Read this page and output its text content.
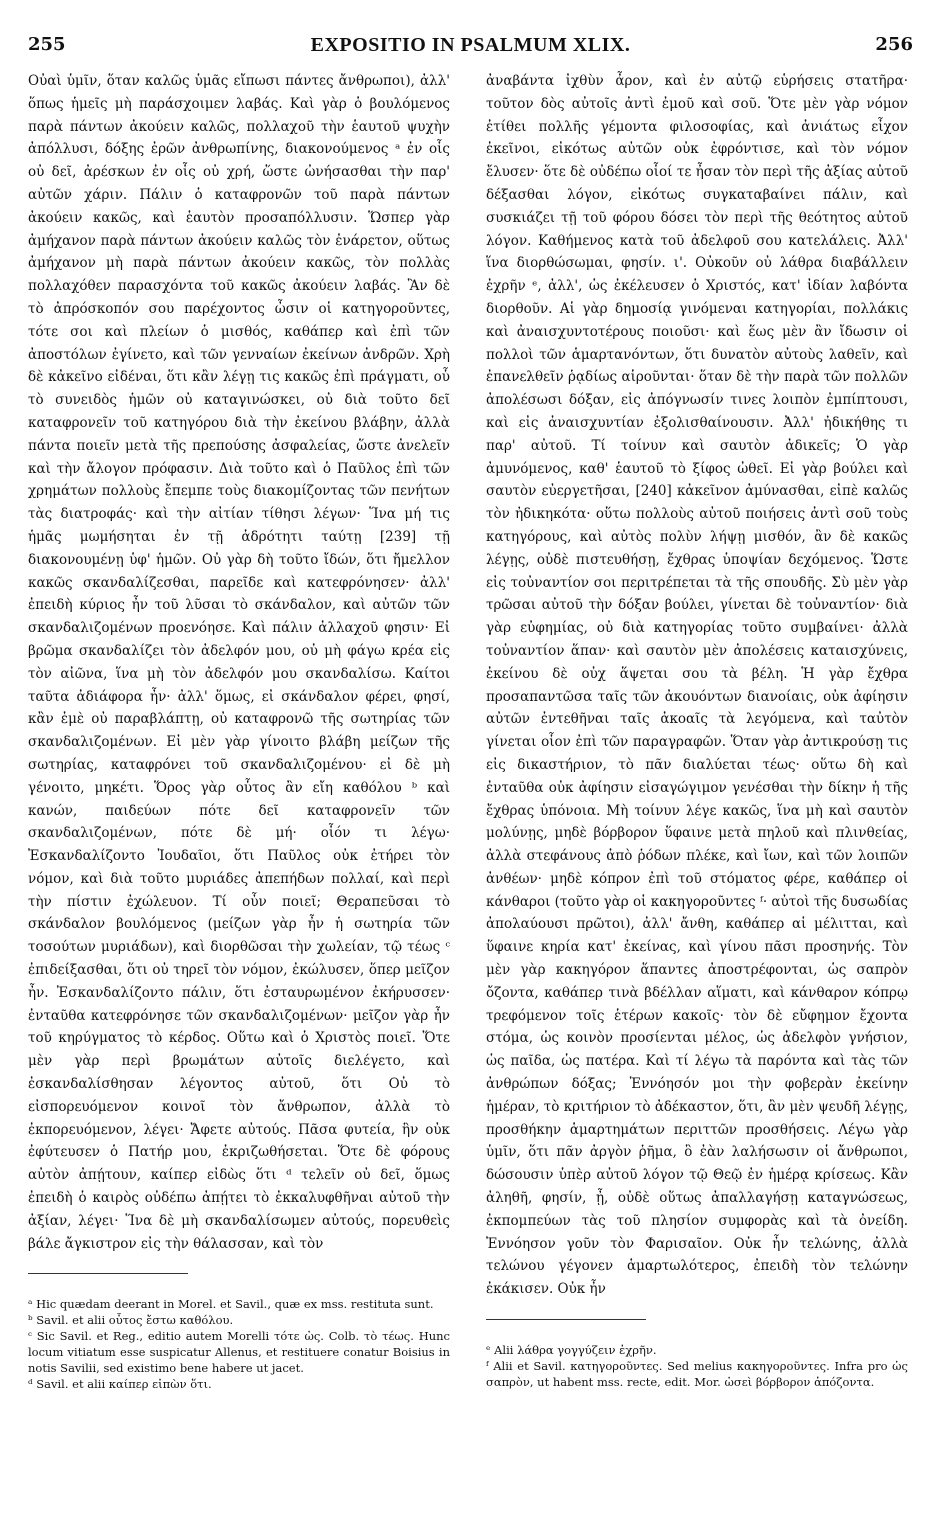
255	EXPOSITIO IN PSALMUM XLIX.	256

Οὐαὶ ὑμῖν, ὅταν καλῶς ὑμᾶς εἴπωσι πάντες ἄνθρωποι), ἀλλ' ὅπως ἡμεῖς μὴ παράσχοιμεν λαβάς. Καὶ γὰρ ὁ βουλόμενος παρὰ πάντων ἀκούειν καλῶς, πολλαχοῦ τὴν ἑαυτοῦ ψυχὴν ἀπόλλυσι, δόξης ἐρῶν ἀνθρωπίνης, διακονούμενος ᵃ ἐν οἷς οὐ δεῖ, ἀρέσκων ἐν οἷς οὐ χρή, ὥστε ὠνήσασθαι τὴν παρ' αὐτῶν χάριν. Πάλιν ὁ καταφρονῶν τοῦ παρὰ πάντων ἀκούειν κακῶς, καὶ ἑαυτὸν προσαπόλλυσιν. Ὥσπερ γὰρ ἀμήχανον παρὰ πάντων ἀκούειν καλῶς τὸν ἐνάρετον, οὕτως ἀμήχανον μὴ παρὰ πάντων ἀκούειν κακῶς, τὸν πολλὰς πολλαχόθεν παρασχόντα τοῦ κακῶς ἀκούειν λαβάς. Ἂν δὲ τὸ ἀπρόσκοπόν σου παρέχοντος ὦσιν οἱ κατηγοροῦντες, τότε σοι καὶ πλείων ὁ μισθός, καθάπερ καὶ ἐπὶ τῶν ἀποστόλων ἐγίνετο, καὶ τῶν γενναίων ἐκείνων ἀνδρῶν. Χρὴ δὲ κἀκεῖνο εἰδέναι, ὅτι κἂν λέγῃ τις κακῶς ἐπὶ πράγματι, οὗ τὸ συνειδὸς ἡμῶν οὐ καταγινώσκει, οὐ διὰ τοῦτο δεῖ καταφρονεῖν τοῦ κατηγόρου διὰ τὴν ἐκείνου βλάβην, ἀλλὰ πάντα ποιεῖν μετὰ τῆς πρεπούσης ἀσφαλείας, ὥστε ἀνελεῖν καὶ τὴν ἄλογον πρόφασιν. Διὰ τοῦτο καὶ ὁ Παῦλος ἐπὶ τῶν χρημάτων πολλοὺς ἔπεμπε τοὺς διακομίζοντας τῶν πενήτων τὰς διατροφάς· καὶ τὴν αἰτίαν τίθησι λέγων· Ἵνα μή τις ἡμᾶς μωμήσηται ἐν τῇ ἁδρότητι ταύτῃ [239] τῇ διακονουμένῃ ὑφ' ἡμῶν. Οὐ γὰρ δὴ τοῦτο ἴδών, ὅτι ἤμελλον κακῶς σκανδαλίζεσθαι, παρεῖδε καὶ κατεφρόνησεν· ἀλλ' ἐπειδὴ κύριος ἦν τοῦ λῦσαι τὸ σκάνδαλον, καὶ αὐτῶν τῶν σκανδαλιζομένων προενόησε. Καὶ πάλιν ἀλλαχοῦ φησιν· Εἰ βρῶμα σκανδαλίζει τὸν ἀδελφόν μου, οὐ μὴ φάγω κρέα εἰς τὸν αἰῶνα, ἵνα μὴ τὸν ἀδελφόν μου σκανδαλίσω. Καίτοι ταῦτα ἀδιάφορα ἦν· ἀλλ' ὅμως, εἰ σκάνδαλον φέρει, φησί, κἂν ἐμὲ οὐ παραβλάπτῃ, οὐ καταφρονῶ τῆς σωτηρίας τῶν σκανδαλιζομένων. Εἰ μὲν γὰρ γίνοιτο βλάβη μείζων τῆς σωτηρίας, καταφρόνει τοῦ σκανδαλιζομένου· εἰ δὲ μὴ γένοιτο, μηκέτι. Ὅρος γὰρ οὗτος ἂν εἴη καθόλου ᵇ καὶ κανών, παιδεύων πότε δεῖ καταφρονεῖν τῶν σκανδαλιζομένων, πότε δὲ μή· οἷόν τι λέγω· Ἐσκανδαλίζοντο Ἰουδαῖοι, ὅτι Παῦλος οὐκ ἐτήρει τὸν νόμον, καὶ διὰ τοῦτο μυριάδες ἀπεπήδων πολλαί, καὶ περὶ τὴν πίστιν ἐχώλευον. Τί οὖν ποιεῖ; Θεραπεῦσαι τὸ σκάνδαλον βουλόμενος (μείζων γὰρ ἦν ἡ σωτηρία τῶν τοσούτων μυριάδων), καὶ διορθῶσαι τὴν χωλείαν, τῷ τέως ᶜ ἐπιδείξασθαι, ὅτι οὐ τηρεῖ τὸν νόμον, ἐκώλυσεν, ὅπερ μεῖζον ἦν. Ἐσκανδαλίζοντο πάλιν, ὅτι ἐσταυρωμένον ἐκήρυσσεν· ἐνταῦθα κατεφρόνησε τῶν σκανδαλιζομένων· μεῖζον γὰρ ἦν τοῦ κηρύγματος τὸ κέρδος. Οὕτω καὶ ὁ Χριστὸς ποιεῖ. Ὅτε μὲν γὰρ περὶ βρωμάτων αὐτοῖς διελέγετο, καὶ ἐσκανδαλίσθησαν λέγοντος αὐτοῦ, ὅτι Οὐ τὸ εἰσπορευόμενον κοινοῖ τὸν ἄνθρωπον, ἀλλὰ τὸ ἐκπορευόμενον, λέγει· Ἄφετε αὐτούς. Πᾶσα φυτεία, ἣν οὐκ ἐφύτευσεν ὁ Πατήρ μου, ἐκριζωθήσεται. Ὅτε δὲ φόρους αὐτὸν ἀπῄτουν, καίπερ εἰδὼς ὅτι ᵈ τελεῖν οὐ δεῖ, ὅμως ἐπειδὴ ὁ καιρὸς οὐδέπω ἀπῄτει τὸ ἐκκαλυφθῆναι αὐτοῦ τὴν ἀξίαν, λέγει· Ἵνα δὲ μὴ σκανδαλίσωμεν αὐτούς, πορευθεὶς βάλε ἄγκιστρον εἰς τὴν θάλασσαν, καὶ τὸν

ᵃ Hic quædam deerant in Morel. et Savil., quæ ex mss. restituta sunt.

ᵇ Savil. et alii οὗτος ἔστω καθόλου.

ᶜ Sic Savil. et Reg., editio autem Morelli τότε ὡς. Colb. τὸ τέως. Hunc locum vitiatum esse suspicatur Allenus, et restituere conatur Boisius in notis Savilii, sed existimo bene habere ut jacet.

ᵈ Savil. et alii καίπερ εἰπὼν ὅτι.

ἀναβάντα ἰχθὺν ἆρον, καὶ ἐν αὐτῷ εὑρήσεις στατῆρα· τοῦτον δὸς αὐτοῖς ἀντὶ ἐμοῦ καὶ σοῦ. Ὅτε μὲν γὰρ νόμον ἐτίθει πολλῆς γέμοντα φιλοσοφίας, καὶ ἀνιάτως εἶχον ἐκεῖνοι, εἰκότως αὐτῶν οὐκ ἐφρόντισε, καὶ τὸν νόμον ἔλυσεν· ὅτε δὲ οὐδέπω οἷοί τε ἦσαν τὸν περὶ τῆς ἀξίας αὐτοῦ δέξασθαι λόγον, εἰκότως συγκαταβαίνει πάλιν, καὶ συσκιάζει τῇ τοῦ φόρου δόσει τὸν περὶ τῆς θεότητος αὐτοῦ λόγον. Καθήμενος κατὰ τοῦ ἀδελφοῦ σου κατελάλεις. Ἀλλ' ἵνα διορθώσωμαι, φησίν. ι'. Οὐκοῦν οὐ λάθρα διαβάλλειν ἐχρῆν ᵉ, ἀλλ', ὡς ἐκέλευσεν ὁ Χριστός, κατ' ἰδίαν λαβόντα διορθοῦν. Αἱ γὰρ δημοσίᾳ γινόμεναι κατηγορίαι, πολλάκις καὶ ἀναισχυντοτέρους ποιοῦσι· καὶ ἕως μὲν ἂν ἴδωσιν οἱ πολλοὶ τῶν ἁμαρτανόντων, ὅτι δυνατὸν αὐτοὺς λαθεῖν, καὶ ἐπανελθεῖν ῥᾳδίως αἱροῦνται· ὅταν δὲ τὴν παρὰ τῶν πολλῶν ἀπολέσωσι δόξαν, εἰς ἀπόγνωσίν τινες λοιπὸν ἐμπίπτουσι, καὶ εἰς ἀναισχυντίαν ἐξολισθαίνουσιν. Ἀλλ' ἠδικήθης τι παρ' αὐτοῦ. Τί τοίνυν καὶ σαυτὸν ἀδικεῖς; Ὁ γὰρ ἀμυνόμενος, καθ' ἑαυτοῦ τὸ ξίφος ὠθεῖ. Εἰ γὰρ βούλει καὶ σαυτὸν εὐεργετῆσαι, [240] κἀκεῖνον ἀμύνασθαι, εἰπὲ καλῶς τὸν ἠδικηκότα· οὕτω πολλοὺς αὐτοῦ ποιήσεις ἀντὶ σοῦ τοὺς κατηγόρους, καὶ αὐτὸς πολὺν λήψῃ μισθόν, ἂν δὲ κακῶς λέγῃς, οὐδὲ πιστευθήσῃ, ἔχθρας ὑποψίαν δεχόμενος. Ὥστε εἰς τοὐναντίον σοι περιτρέπεται τὰ τῆς σπουδῆς. Σὺ μὲν γὰρ τρῶσαι αὐτοῦ τὴν δόξαν βούλει, γίνεται δὲ τοὐναντίον· διὰ γὰρ εὐφημίας, οὐ διὰ κατηγορίας τοῦτο συμβαίνει· ἀλλὰ τοὐναντίον ἅπαν· καὶ σαυτὸν μὲν ἀπολέσεις καταισχύνεις, ἐκείνου δὲ οὐχ ἅψεται σου τὰ βέλη. Ἡ γὰρ ἔχθρα προσαπαντῶσα ταῖς τῶν ἀκουόντων διανοίαις, οὐκ ἀφίησιν αὐτῶν ἐντεθῆναι ταῖς ἀκοαῖς τὰ λεγόμενα, καὶ ταὐτὸν γίνεται οἷον ἐπὶ τῶν παραγραφῶν. Ὅταν γὰρ ἀντικρούσῃ τις εἰς δικαστήριον, τὸ πᾶν διαλύεται τέως· οὕτω δὴ καὶ ἐνταῦθα οὐκ ἀφίησιν εἰσαγώγιμον γενέσθαι τὴν δίκην ἡ τῆς ἔχθρας ὑπόνοια. Μὴ τοίνυν λέγε κακῶς, ἵνα μὴ καὶ σαυτὸν μολύνῃς, μηδὲ βόρβορον ὕφαινε μετὰ πηλοῦ καὶ πλινθείας, ἀλλὰ στεφάνους ἀπὸ ῥόδων πλέκε, καὶ ἴων, καὶ τῶν λοιπῶν ἀνθέων· μηδὲ κόπρον ἐπὶ τοῦ στόματος φέρε, καθάπερ οἱ κάνθαροι (τοῦτο γὰρ οἱ κακηγοροῦντες ᶠ· αὐτοὶ τῆς δυσωδίας ἀπολαύουσι πρῶτοι), ἀλλ' ἄνθη, καθάπερ αἱ μέλιτται, καὶ ὕφαινε κηρία κατ' ἐκείνας, καὶ γίνου πᾶσι προσηνής. Τὸν μὲν γὰρ κακηγόρον ἅπαντες ἀποστρέφονται, ὡς σαπρὸν ὄζοντα, καθάπερ τινὰ βδέλλαν αἵματι, καὶ κάνθαρον κόπρῳ τρεφόμενον τοῖς ἑτέρων κακοῖς· τὸν δὲ εὔφημον ἔχοντα στόμα, ὡς κοινὸν προσίενται μέλος, ὡς ἀδελφὸν γνήσιον, ὡς παῖδα, ὡς πατέρα. Καὶ τί λέγω τὰ παρόντα καὶ τὰς τῶν ἀνθρώπων δόξας; Ἐννόησόν μοι τὴν φοβερὰν ἐκείνην ἡμέραν, τὸ κριτήριον τὸ ἀδέκαστον, ὅτι, ἂν μὲν ψευδῆ λέγῃς, προσθήκην ἁμαρτημάτων περιττῶν προσθήσεις. Λέγω γὰρ ὑμῖν, ὅτι πᾶν ἀργὸν ῥῆμα, ὃ ἐὰν λαλήσωσιν οἱ ἄνθρωποι, δώσουσιν ὑπὲρ αὐτοῦ λόγον τῷ Θεῷ ἐν ἡμέρᾳ κρίσεως. Κἂν ἀληθῆ, φησίν, ᾖ, οὐδὲ οὕτως ἀπαλλαγήσῃ καταγνώσεως, ἐκπομπεύων τὰς τοῦ πλησίον συμφορὰς καὶ τὰ ὀνείδη. Ἐννόησον γοῦν τὸν Φαρισαῖον. Οὐκ ἦν τελώνης, ἀλλὰ τελώνου γέγονεν ἁμαρτωλότερος, ἐπειδὴ τὸν τελώνην ἐκάκισεν. Οὐκ ἦν

ᵉ Alii λάθρα γογγύζειν ἐχρῆν.

ᶠ Alii et Savil. κατηγοροῦντες. Sed melius κακηγοροῦντες. Infra pro ὡς σαπρὸν, ut habent mss. recte, edit. Mor. ὡσεὶ βόρβορον ἀπόζοντα.
